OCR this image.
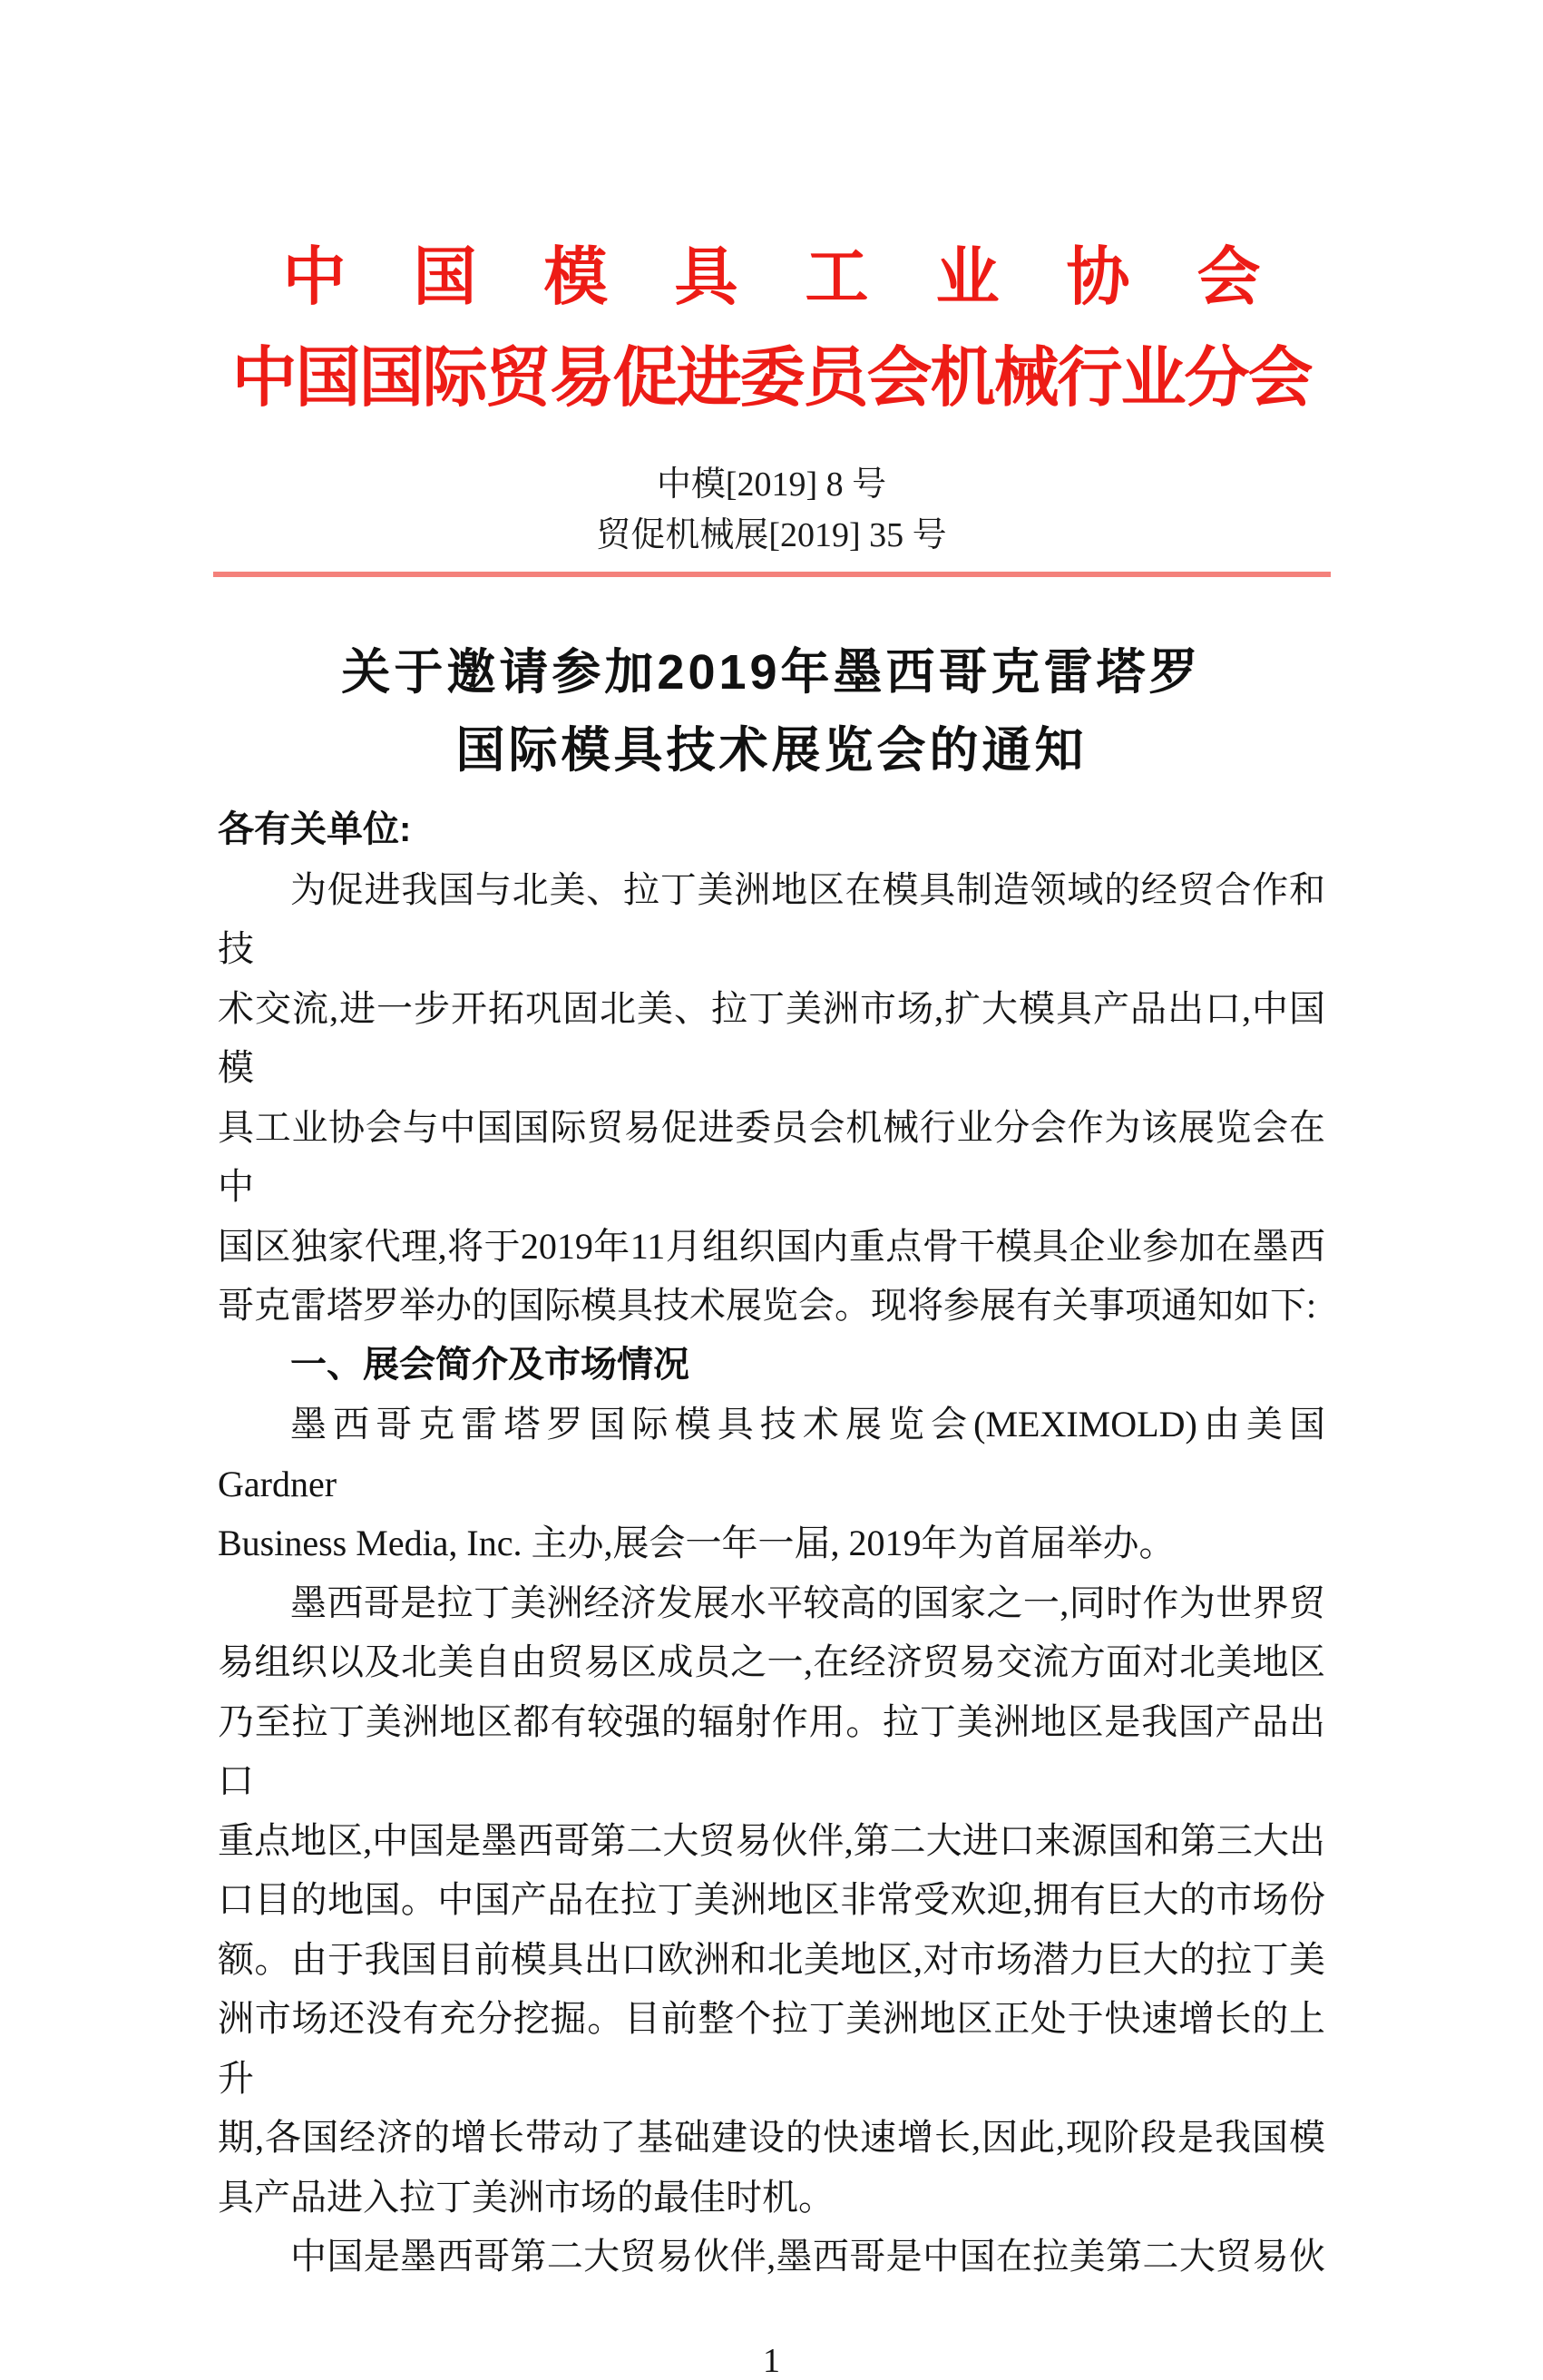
中国模具工业协会
中国国际贸易促进委员会机械行业分会
中模[2019] 8 号
贸促机械展[2019] 35 号
关于邀请参加2019年墨西哥克雷塔罗
国际模具技术展览会的通知
各有关单位:
为促进我国与北美、拉丁美洲地区在模具制造领域的经贸合作和技
术交流,进一步开拓巩固北美、拉丁美洲市场,扩大模具产品出口,中国模
具工业协会与中国国际贸易促进委员会机械行业分会作为该展览会在中
国区独家代理,将于2019年11月组织国内重点骨干模具企业参加在墨西
哥克雷塔罗举办的国际模具技术展览会。现将参展有关事项通知如下:
一、展会简介及市场情况
墨西哥克雷塔罗国际模具技术展览会(MEXIMOLD)由美国 Gardner
Business Media, Inc. 主办,展会一年一届, 2019年为首届举办。
墨西哥是拉丁美洲经济发展水平较高的国家之一,同时作为世界贸
易组织以及北美自由贸易区成员之一,在经济贸易交流方面对北美地区
乃至拉丁美洲地区都有较强的辐射作用。拉丁美洲地区是我国产品出口
重点地区,中国是墨西哥第二大贸易伙伴,第二大进口来源国和第三大出
口目的地国。中国产品在拉丁美洲地区非常受欢迎,拥有巨大的市场份
额。由于我国目前模具出口欧洲和北美地区,对市场潜力巨大的拉丁美
洲市场还没有充分挖掘。目前整个拉丁美洲地区正处于快速增长的上升
期,各国经济的增长带动了基础建设的快速增长,因此,现阶段是我国模
具产品进入拉丁美洲市场的最佳时机。
中国是墨西哥第二大贸易伙伴,墨西哥是中国在拉美第二大贸易伙
1
